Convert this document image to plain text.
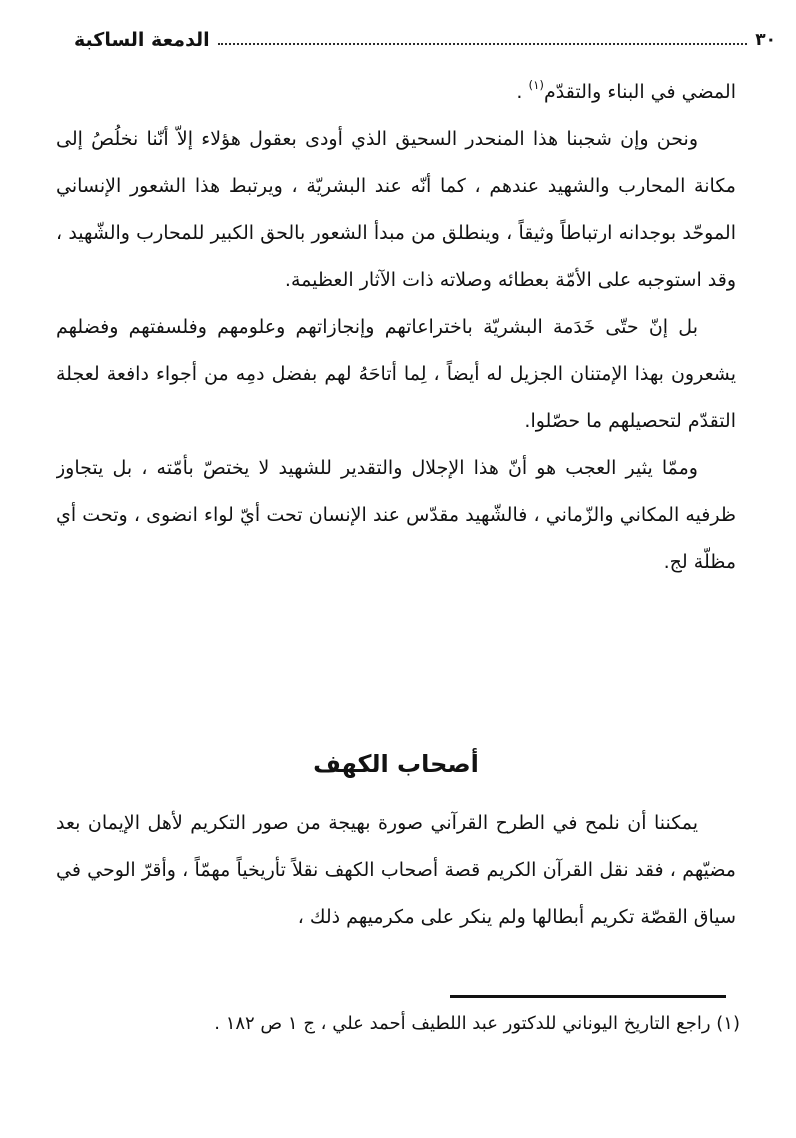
٣٠
الدمعة الساكبة

المضي في البناء والتقدّم$^{(١)}$ .

ونحن وإن شجبنا هذا المنحدر السحيق الذي أودى بعقول هؤلاء إلاّ أنّنا نخلُصُ إلى مكانة المحارب والشهيد عندهم ، كما أنّه عند البشريّة ، ويرتبط هذا الشعور الإنساني الموحّد بوجدانه ارتباطاً وثيقاً ، وينطلق من مبدأ الشعور بالحق الكبير للمحارب والشّهيد ، وقد استوجبه على الأمّة بعطائه وصلاته ذات الآثار العظيمة.

بل إنّ حتّى خَدَمة البشريّة باختراعاتهم وإنجازاتهم وعلومهم وفلسفتهم وفضلهم يشعرون بهذا الإمتنان الجزيل له أيضاً ، لِما أتاحَهُ لهم بفضل دمِه من أجواء دافعة لعجلة التقدّم لتحصيلهم ما حصّلوا.

وممّا يثير العجب هو أنّ هذا الإجلال والتقدير للشهيد لا يختصّ بأمّته ، بل يتجاوز ظرفيه المكاني والزّماني ، فالشّهيد مقدّس عند الإنسان تحت أيّ لواء انضوى ، وتحت أي مظلّة لج.

أصحاب الكهف

يمكننا أن نلمح في الطرح القرآني صورة بهيجة من صور التكريم لأهل الإيمان بعد مضيّهم ، فقد نقل القرآن الكريم قصة أصحاب الكهف نقلاً تأريخياً مهمّاً ، وأقرّ الوحي في سياق القصّة تكريم أبطالها ولم ينكر على مكرميهم ذلك ،

(١) راجع التاريخ اليوناني للدكتور عبد اللطيف أحمد علي ، ج ١ ص ١٨٢ .
